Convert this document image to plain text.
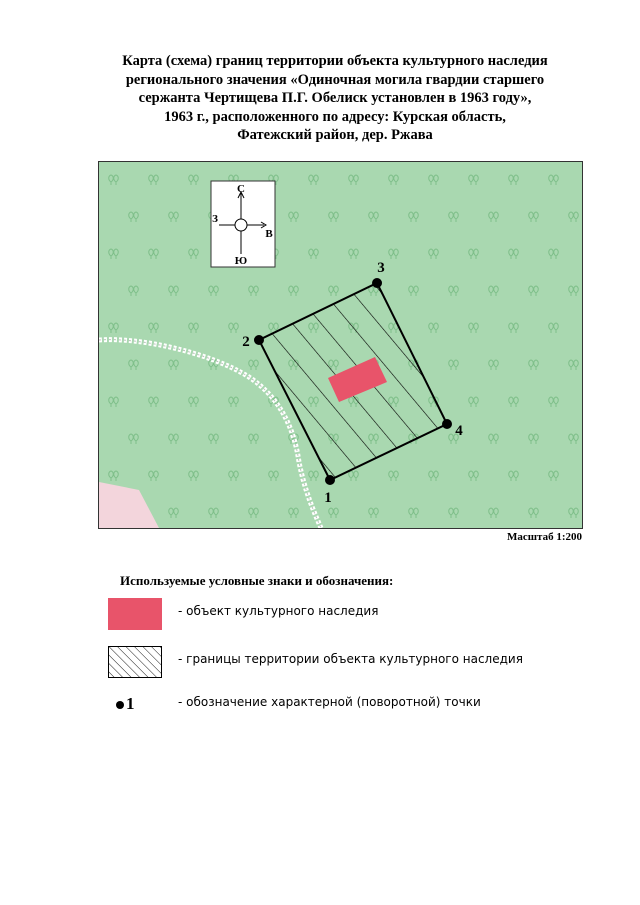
Карта (схема) границ территории объекта культурного наследия
регионального значения «Одиночная могила гвардии старшего
сержанта Чертищева П.Г. Обелиск установлен в 1963 году»,
1963 г., расположенного по адресу: Курская область,
Фатежский район, дер. Ржава
С
Ю
З
В
1
2
3
4
Масштаб 1:200
Используемые условные знаки и обозначения:
- объект культурного наследия
- границы территории объекта культурного наследия
1	- обозначение характерной (поворотной) точки
